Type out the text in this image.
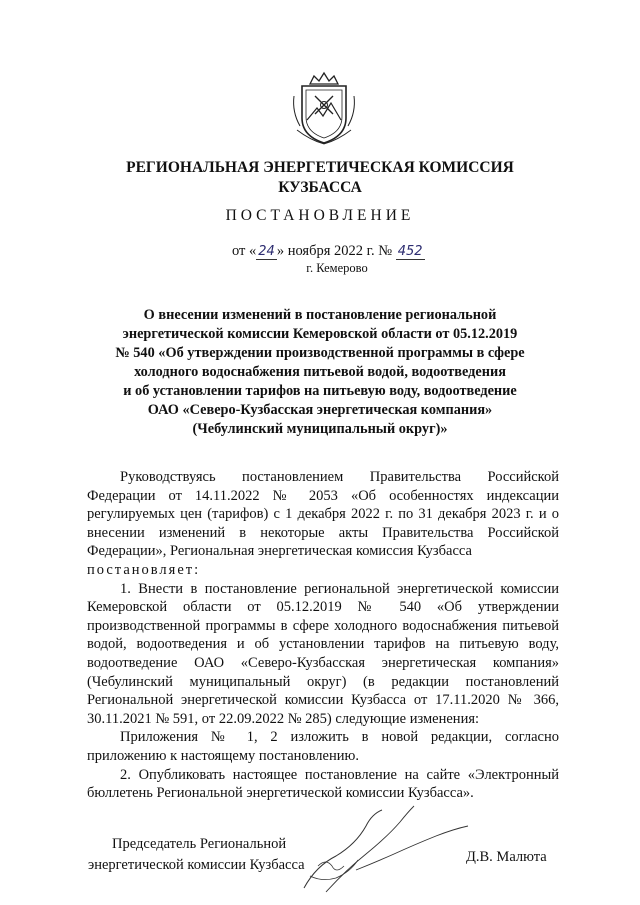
РЕГИОНАЛЬНАЯ ЭНЕРГЕТИЧЕСКАЯ КОМИССИЯ
КУЗБАССА
ПОСТАНОВЛЕНИЕ
от « 24 » ноября 2022 г. № 452
г. Кемерово
О внесении изменений в постановление региональной
энергетической комиссии Кемеровской области от 05.12.2019
№ 540 «Об утверждении производственной программы в сфере
холодного водоснабжения питьевой водой, водоотведения
и об установлении тарифов на питьевую воду, водоотведение
ОАО «Северо-Кузбасская энергетическая компания»
(Чебулинский муниципальный округ)»

Руководствуясь постановлением Правительства Российской Федерации от 14.11.2022 № 2053 «Об особенностях индексации регулируемых цен (тарифов) с 1 декабря 2022 г. по 31 декабря 2023 г. и о внесении изменений в некоторые акты Правительства Российской Федерации», Региональная энергетическая комиссия Кузбасса

постановляет:

1. Внести в постановление региональной энергетической комиссии Кемеровской области от 05.12.2019 № 540 «Об утверждении производственной программы в сфере холодного водоснабжения питьевой водой, водоотведения и об установлении тарифов на питьевую воду, водоотведение ОАО «Северо-Кузбасская энергетическая компания» (Чебулинский муниципальный округ) (в редакции постановлений Региональной энергетической комиссии Кузбасса от 17.11.2020 № 366, 30.11.2021 № 591, от 22.09.2022 № 285) следующие изменения:

Приложения № 1, 2 изложить в новой редакции, согласно приложению к настоящему постановлению.

2. Опубликовать настоящее постановление на сайте «Электронный бюллетень Региональной энергетической комиссии Кузбасса».

Председатель Региональной
энергетической комиссии Кузбасса	Д.В. Малюта
